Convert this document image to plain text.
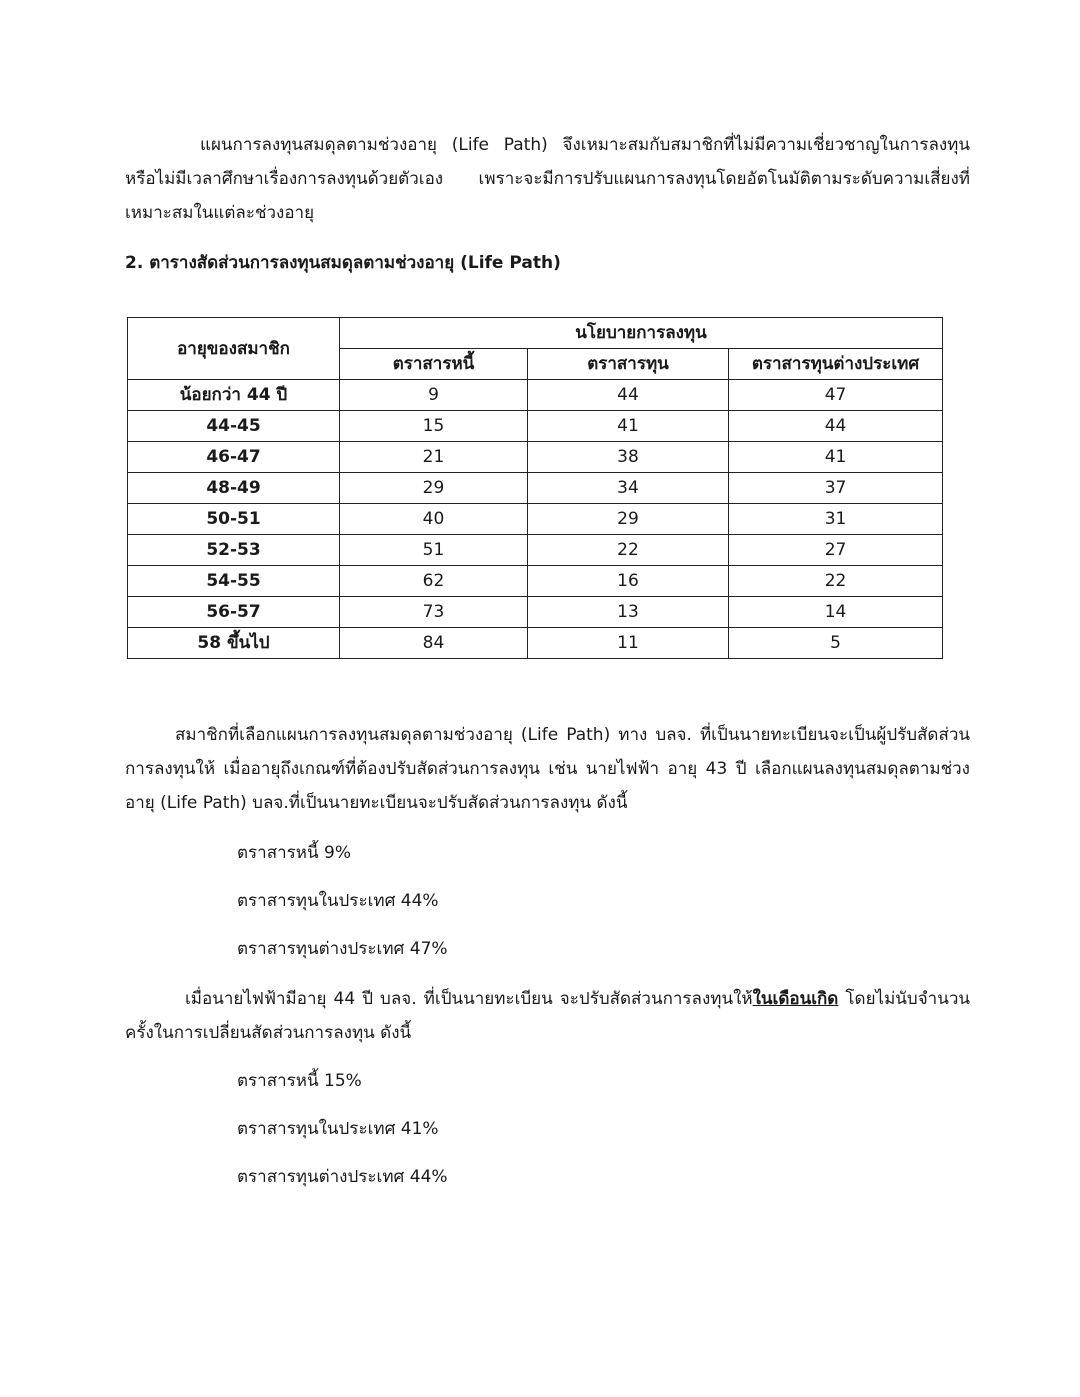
แผนการลงทุนสมดุลตามช่วงอายุ (Life Path) จึงเหมาะสมกับสมาชิกที่ไม่มีความเชี่ยวชาญในการลงทุน หรือไม่มีเวลาศึกษาเรื่องการลงทุนด้วยตัวเอง เพราะจะมีการปรับแผนการลงทุนโดยอัตโนมัติตามระดับความเสี่ยงที่เหมาะสมในแต่ละช่วงอายุ

2. ตารางสัดส่วนการลงทุนสมดุลตามช่วงอายุ (Life Path)
อายุของสมาชิก	นโยบายการลงทุน		
	ตราสารหนี้	ตราสารทุน	ตราสารทุนต่างประเทศ
น้อยกว่า 44 ปี	9	44	47
44-45	15	41	44
46-47	21	38	41
48-49	29	34	37
50-51	40	29	31
52-53	51	22	27
54-55	62	16	22
56-57	73	13	14
58 ขึ้นไป	84	11	5

สมาชิกที่เลือกแผนการลงทุนสมดุลตามช่วงอายุ (Life Path) ทาง บลจ. ที่เป็นนายทะเบียนจะเป็นผู้ปรับสัดส่วนการลงทุนให้ เมื่ออายุถึงเกณฑ์ที่ต้องปรับสัดส่วนการลงทุน เช่น นายไฟฟ้า อายุ 43 ปี เลือกแผนลงทุนสมดุลตามช่วงอายุ (Life Path) บลจ.ที่เป็นนายทะเบียนจะปรับสัดส่วนการลงทุน ดังนี้

ตราสารหนี้ 9%
ตราสารทุนในประเทศ 44%
ตราสารทุนต่างประเทศ 47%

เมื่อนายไฟฟ้ามีอายุ 44 ปี บลจ. ที่เป็นนายทะเบียน จะปรับสัดส่วนการลงทุนให้ในเดือนเกิด โดยไม่นับจำนวนครั้งในการเปลี่ยนสัดส่วนการลงทุน ดังนี้

ตราสารหนี้ 15%
ตราสารทุนในประเทศ 41%
ตราสารทุนต่างประเทศ 44%
